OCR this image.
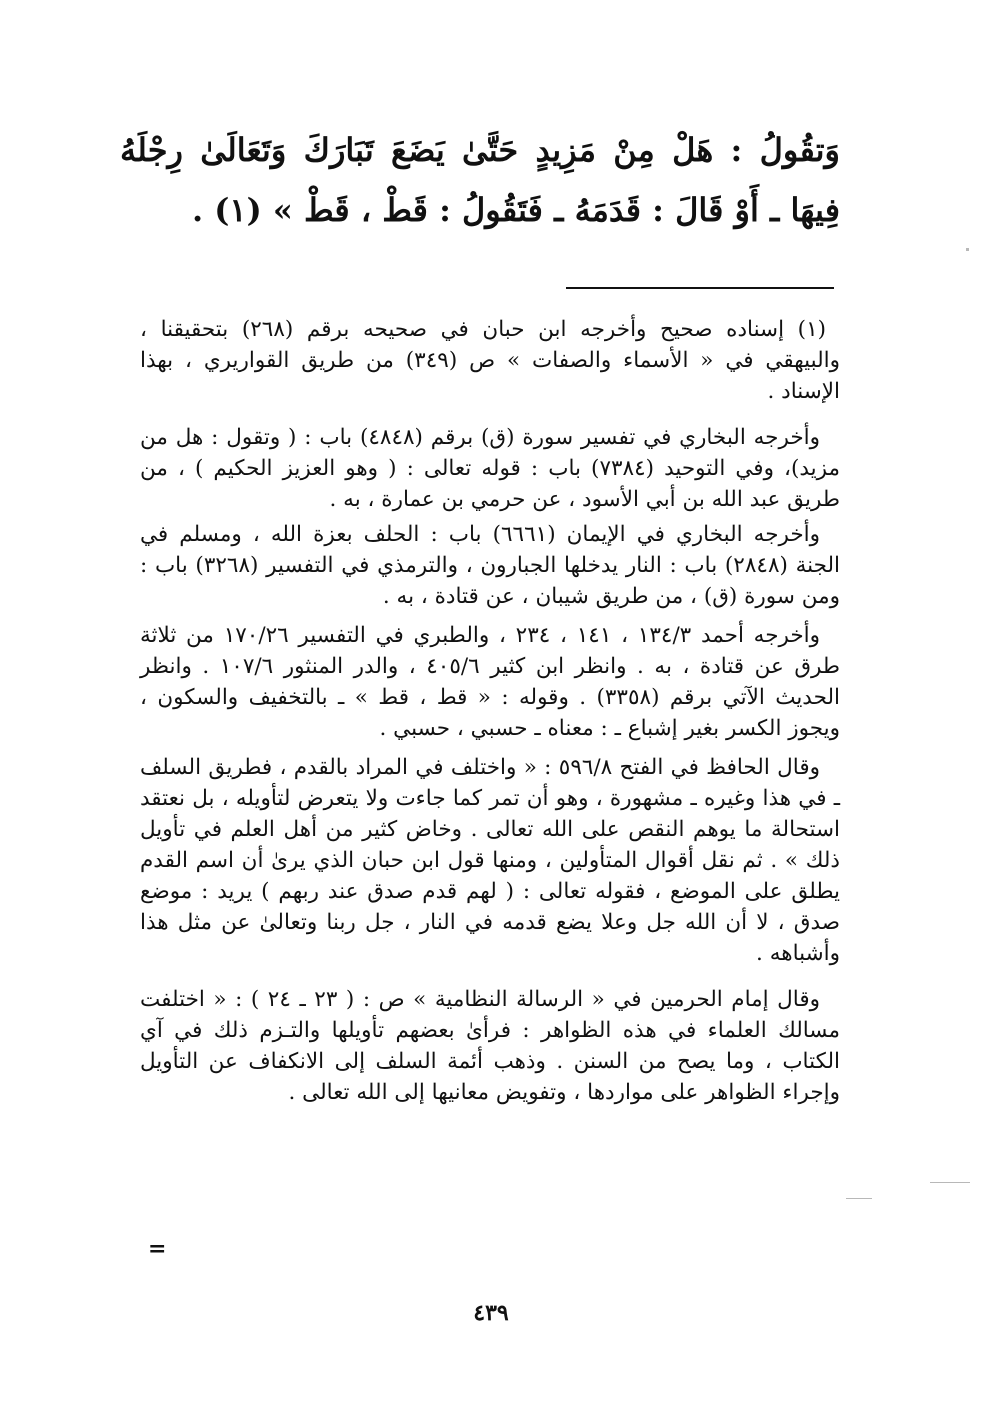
وَتقُولُ : هَلْ مِنْ مَزِيدٍ حَتَّىٰ يَضَعَ تَبَارَكَ وَتَعَالَىٰ رِجْلَهُ فِيهَا ـ أَوْ قَالَ : قَدَمَهُ ـ فَتَقُولُ : قَطْ ، قَطْ » (١) .

(١) إسناده صحيح وأخرجه ابن حبان في صحيحه برقم (٢٦٨) بتحقيقنا ، والبيهقي في « الأسماء والصفات » ص (٣٤٩) من طريق القواريري ، بهذا الإسناد .

وأخرجه البخاري في تفسير سورة (ق) برقم (٤٨٤٨) باب : ( وتقول : هل من مزيد)، وفي التوحيد (٧٣٨٤) باب : قوله تعالى : ( وهو العزيز الحكيم ) ، من طريق عبد الله بن أبي الأسود ، عن حرمي بن عمارة ، به .

وأخرجه البخاري في الإيمان (٦٦٦١) باب : الحلف بعزة الله ، ومسلم في الجنة (٢٨٤٨) باب : النار يدخلها الجبارون ، والترمذي في التفسير (٣٢٦٨) باب : ومن سورة (ق) ، من طريق شيبان ، عن قتادة ، به .

وأخرجه أحمد ١٣٤/٣ ، ١٤١ ، ٢٣٤ ، والطبري في التفسير ١٧٠/٢٦ من ثلاثة طرق عن قتادة ، به . وانظر ابن كثير ٤٠٥/٦ ، والدر المنثور ١٠٧/٦ . وانظر الحديث الآتي برقم (٣٣٥٨) . وقوله : « قط ، قط » ـ بالتخفيف والسكون ، ويجوز الكسر بغير إشباع ـ : معناه ـ حسبي ، حسبي .

وقال الحافظ في الفتح ٥٩٦/٨ : « واختلف في المراد بالقدم ، فطريق السلف ـ في هذا وغيره ـ مشهورة ، وهو أن تمر كما جاءت ولا يتعرض لتأويله ، بل نعتقد استحالة ما يوهم النقص على الله تعالى . وخاض كثير من أهل العلم في تأويل ذلك » . ثم نقل أقوال المتأولين ، ومنها قول ابن حبان الذي يرىٰ أن اسم القدم يطلق على الموضع ، فقوله تعالى : ( لهم قدم صدق عند ربهم ) يريد : موضع صدق ، لا أن الله جل وعلا يضع قدمه في النار ، جل ربنا وتعالىٰ عن مثل هذا وأشباهه .

وقال إمام الحرمين في « الرسالة النظامية » ص : ( ٢٣ ـ ٢٤ ) : « اختلفت مسالك العلماء في هذه الظواهر : فرأىٰ بعضهم تأويلها والتـزم ذلك في آي الكتاب ، وما يصح من السنن . وذهب أئمة السلف إلى الانكفاف عن التأويل وإجراء الظواهر على مواردها ، وتفويض معانيها إلى الله تعالى .

=
٤٣٩
